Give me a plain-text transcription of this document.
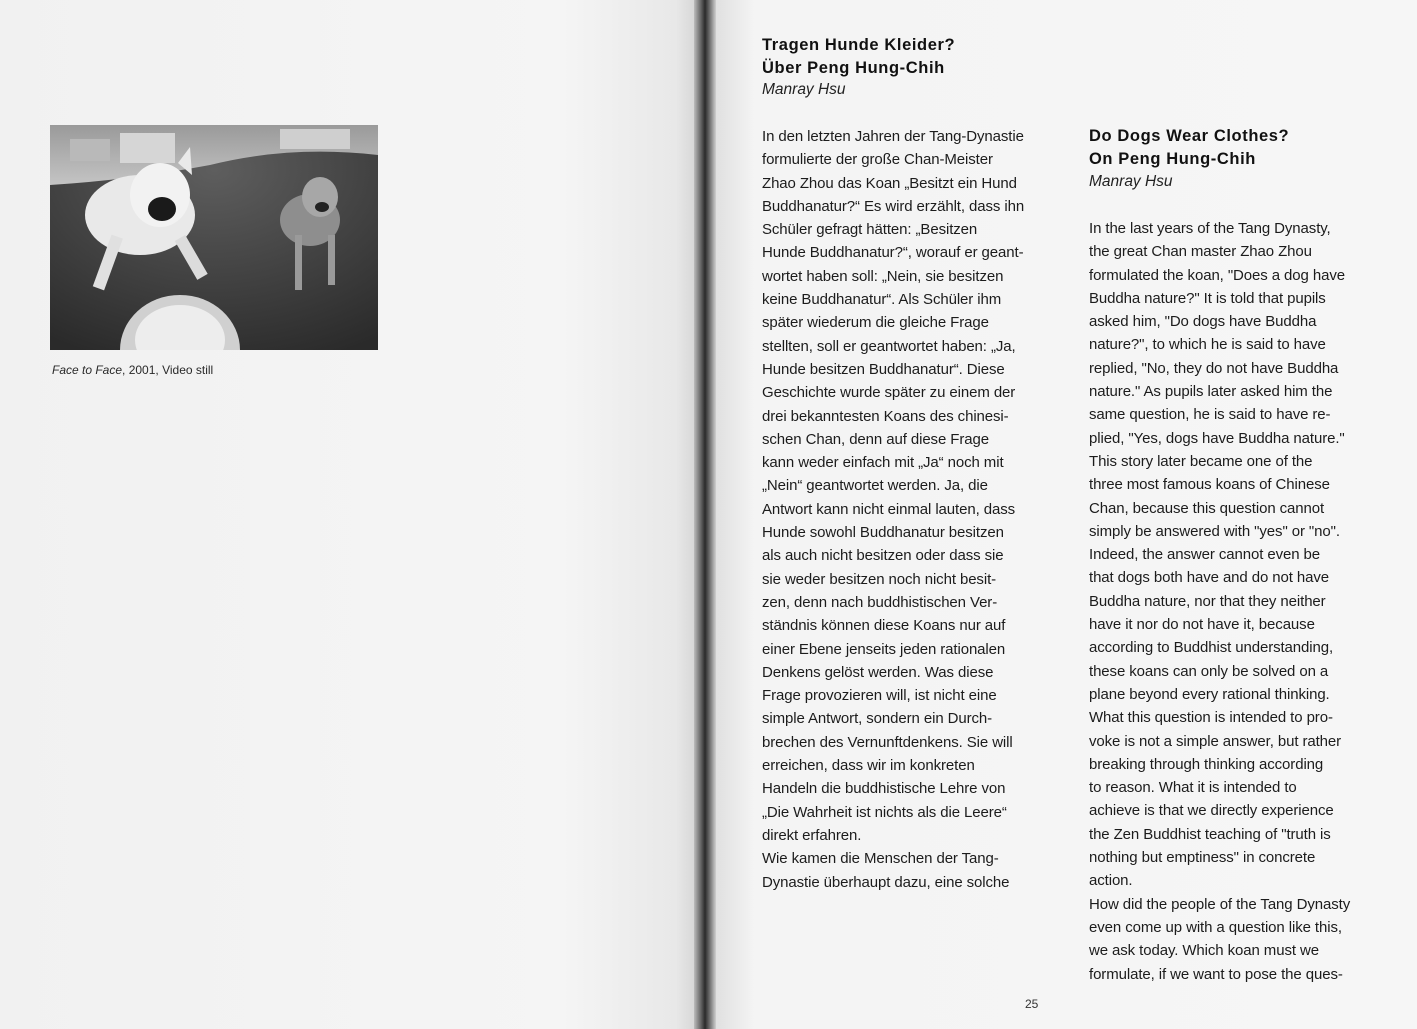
Face to Face, 2001, Video still
Tragen Hunde Kleider?
Über Peng Hung-Chih
Manray Hsu
In den letzten Jahren der Tang-Dynastie
formulierte der große Chan-Meister
Zhao Zhou das Koan „Besitzt ein Hund
Buddhanatur?“ Es wird erzählt, dass ihn
Schüler gefragt hätten: „Besitzen
Hunde Buddhanatur?“, worauf er geant-
wortet haben soll: „Nein, sie besitzen
keine Buddhanatur“. Als Schüler ihm
später wiederum die gleiche Frage
stellten, soll er geantwortet haben: „Ja,
Hunde besitzen Buddhanatur“. Diese
Geschichte wurde später zu einem der
drei bekanntesten Koans des chinesi-
schen Chan, denn auf diese Frage
kann weder einfach mit „Ja“ noch mit
„Nein“ geantwortet werden. Ja, die
Antwort kann nicht einmal lauten, dass
Hunde sowohl Buddhanatur besitzen
als auch nicht besitzen oder dass sie
sie weder besitzen noch nicht besit-
zen, denn nach buddhistischen Ver-
ständnis können diese Koans nur auf
einer Ebene jenseits jeden rationalen
Denkens gelöst werden. Was diese
Frage provozieren will, ist nicht eine
simple Antwort, sondern ein Durch-
brechen des Vernunftdenkens. Sie will
erreichen, dass wir im konkreten
Handeln die buddhistische Lehre von
„Die Wahrheit ist nichts als die Leere“
direkt erfahren.
Wie kamen die Menschen der Tang-
Dynastie überhaupt dazu, eine solche
Do Dogs Wear Clothes?
On Peng Hung-Chih
Manray Hsu
In the last years of the Tang Dynasty,
the great Chan master Zhao Zhou
formulated the koan, "Does a dog have
Buddha nature?" It is told that pupils
asked him, "Do dogs have Buddha
nature?", to which he is said to have
replied, "No, they do not have Buddha
nature." As pupils later asked him the
same question, he is said to have re-
plied, "Yes, dogs have Buddha nature."
This story later became one of the
three most famous koans of Chinese
Chan, because this question cannot
simply be answered with "yes" or "no".
Indeed, the answer cannot even be
that dogs both have and do not have
Buddha nature, nor that they neither
have it nor do not have it, because
according to Buddhist understanding,
these koans can only be solved on a
plane beyond every rational thinking.
What this question is intended to pro-
voke is not a simple answer, but rather
breaking through thinking according
to reason. What it is intended to
achieve is that we directly experience
the Zen Buddhist teaching of "truth is
nothing but emptiness" in concrete
action.
How did the people of the Tang Dynasty
even come up with a question like this,
we ask today. Which koan must we
formulate, if we want to pose the ques-
25
